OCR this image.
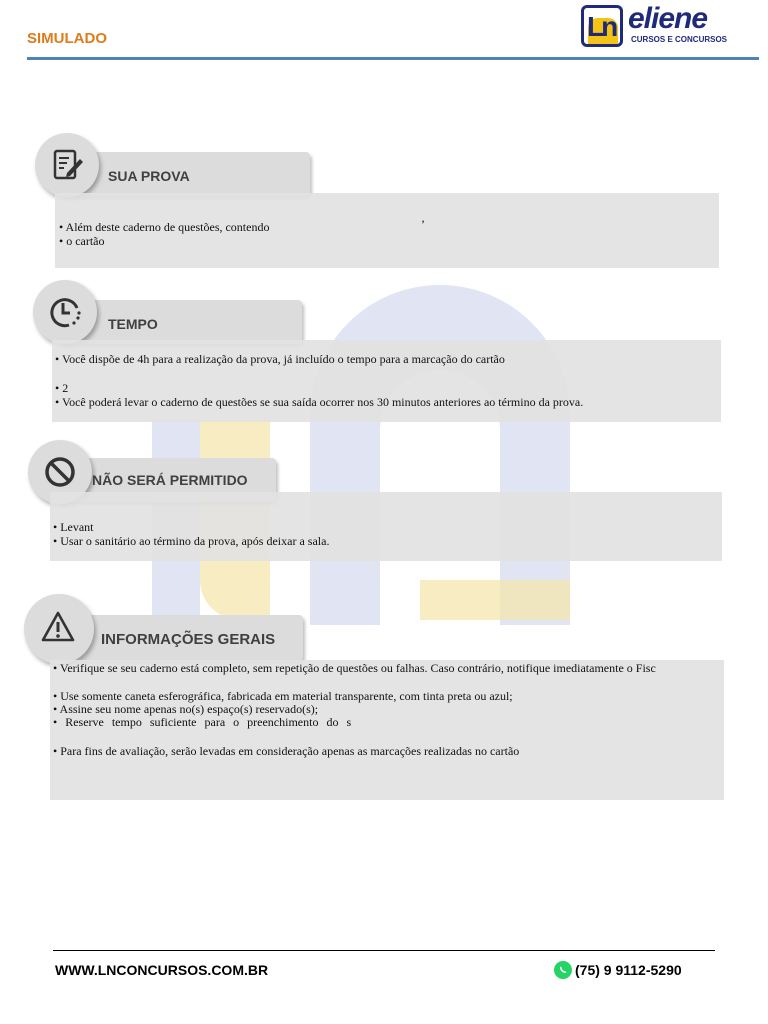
SIMULADO	Ln eliene
CURSOS E CONCURSOS
SUA PROVA
• Além deste caderno de questões, contendo
• o cartão
’
TEMPO
• Você dispõe de 4h para a realização da prova, já incluído o tempo para a marcação do cartão
• 2
• Você poderá levar o caderno de questões se sua saída ocorrer nos 30 minutos anteriores ao término da prova.
NÃO SERÁ PERMITIDO
• Levant
• Usar o sanitário ao término da prova, após deixar a sala.
INFORMAÇÕES GERAIS
• Verifique se seu caderno está completo, sem repetição de questões ou falhas. Caso contrário, notifique imediatamente o Fisc
• Use somente caneta esferográfica, fabricada em material transparente, com tinta preta ou azul;
• Assine seu nome apenas no(s) espaço(s) reservado(s);
• Reserve tempo suficiente para o preenchimento do s
• Para fins de avaliação, serão levadas em consideração apenas as marcações realizadas no cartão
WWW.LNCONCURSOS.COM.BR	(75) 9 9112-5290
